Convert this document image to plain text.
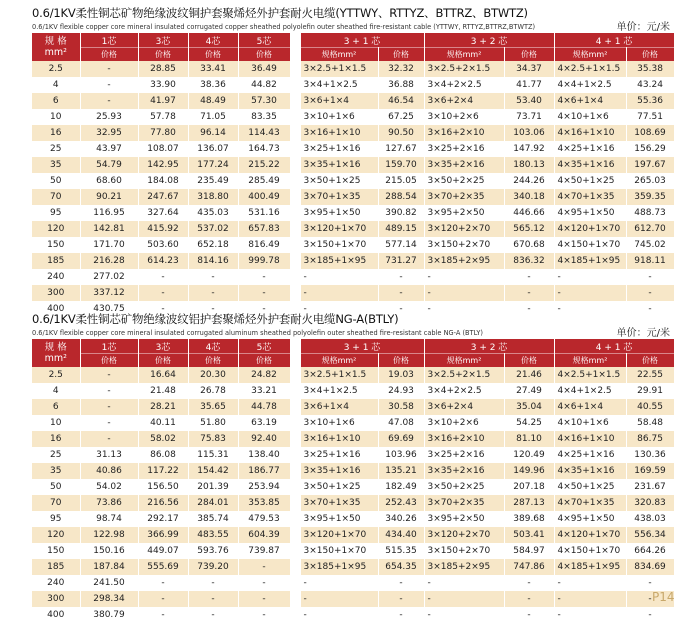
0.6/1KV柔性铜芯矿物绝缘波纹铜护套聚烯烃外护套耐火电缆(YTTWY、RTTYZ、BTTRZ、BTWTZ)
0.6/1KV flexible copper core mineral insulated corrugated copper sheathed polyolefin outer sheathed fire-resistant cable (YTTWY, RTTYZ,BTTRZ,BTWTZ)	单价：元/米
规 格
mm²	1芯	3芯	4芯	5芯		3 + 1 芯		3 + 2 芯		4 + 1 芯	
	价格	价格	价格	价格		规格mm²	价格	规格mm²	价格	规格mm²	价格
2.5	-	28.85	33.41	36.49		3×2.5+1×1.5	32.32	3×2.5+2×1.5	34.37	4×2.5+1×1.5	35.38
4	-	33.90	38.36	44.82		3×4+1×2.5	36.88	3×4+2×2.5	41.77	4×4+1×2.5	43.24
6	-	41.97	48.49	57.30		3×6+1×4	46.54	3×6+2×4	53.40	4×6+1×4	55.36
10	25.93	57.78	71.05	83.35		3×10+1×6	67.25	3×10+2×6	73.71	4×10+1×6	77.51
16	32.95	77.80	96.14	114.43		3×16+1×10	90.50	3×16+2×10	103.06	4×16+1×10	108.69
25	43.97	108.07	136.07	164.73		3×25+1×16	127.67	3×25+2×16	147.92	4×25+1×16	156.29
35	54.79	142.95	177.24	215.22		3×35+1×16	159.70	3×35+2×16	180.13	4×35+1×16	197.67
50	68.60	184.08	235.49	285.49		3×50+1×25	215.05	3×50+2×25	244.26	4×50+1×25	265.03
70	90.21	247.67	318.80	400.49		3×70+1×35	288.54	3×70+2×35	340.18	4×70+1×35	359.35
95	116.95	327.64	435.03	531.16		3×95+1×50	390.82	3×95+2×50	446.66	4×95+1×50	488.73
120	142.81	415.92	537.02	657.83		3×120+1×70	489.15	3×120+2×70	565.12	4×120+1×70	612.70
150	171.70	503.60	652.18	816.49		3×150+1×70	577.14	3×150+2×70	670.68	4×150+1×70	745.02
185	216.28	614.23	814.16	999.78		3×185+1×95	731.27	3×185+2×95	836.32	4×185+1×95	918.11
240	277.02	-	-	-		-	-	-	-	-	-
300	337.12	-	-	-		-	-	-	-	-	-
400	430.75	-	-	-		-	-	-	-	-	-
0.6/1KV柔性铜芯矿物绝缘波纹铝护套聚烯烃外护套耐火电缆NG-A(BTLY)
0.6/1KV flexible copper core mineral insulated corrugated aluminum sheathed polyolefin outer sheathed fire-resistant cable NG-A (BTLY)	单价：元/米
规 格
mm²	1芯	3芯	4芯	5芯		3 + 1 芯		3 + 2 芯		4 + 1 芯	
	价格	价格	价格	价格		规格mm²	价格	规格mm²	价格	规格mm²	价格
2.5	-	16.64	20.30	24.82		3×2.5+1×1.5	19.03	3×2.5+2×1.5	21.46	4×2.5+1×1.5	22.55
4	-	21.48	26.78	33.21		3×4+1×2.5	24.93	3×4+2×2.5	27.49	4×4+1×2.5	29.91
6	-	28.21	35.65	44.78		3×6+1×4	30.58	3×6+2×4	35.04	4×6+1×4	40.55
10	-	40.11	51.80	63.19		3×10+1×6	47.08	3×10+2×6	54.25	4×10+1×6	58.48
16	-	58.02	75.83	92.40		3×16+1×10	69.69	3×16+2×10	81.10	4×16+1×10	86.75
25	31.13	86.08	115.31	138.40		3×25+1×16	103.96	3×25+2×16	120.49	4×25+1×16	130.36
35	40.86	117.22	154.42	186.77		3×35+1×16	135.21	3×35+2×16	149.96	4×35+1×16	169.59
50	54.02	156.50	201.39	253.94		3×50+1×25	182.49	3×50+2×25	207.18	4×50+1×25	231.67
70	73.86	216.56	284.01	353.85		3×70+1×35	252.43	3×70+2×35	287.13	4×70+1×35	320.83
95	98.74	292.17	385.74	479.53		3×95+1×50	340.26	3×95+2×50	389.68	4×95+1×50	438.03
120	122.98	366.99	483.55	604.39		3×120+1×70	434.40	3×120+2×70	503.41	4×120+1×70	556.34
150	150.16	449.07	593.76	739.87		3×150+1×70	515.35	3×150+2×70	584.97	4×150+1×70	664.26
185	187.84	555.69	739.20	-		3×185+1×95	654.35	3×185+2×95	747.86	4×185+1×95	834.69
240	241.50	-	-	-		-	-	-	-	-	-
300	298.34	-	-	-		-	-	-	-	-	-
400	380.79	-	-	-		-	-	-	-	-	-
P14
